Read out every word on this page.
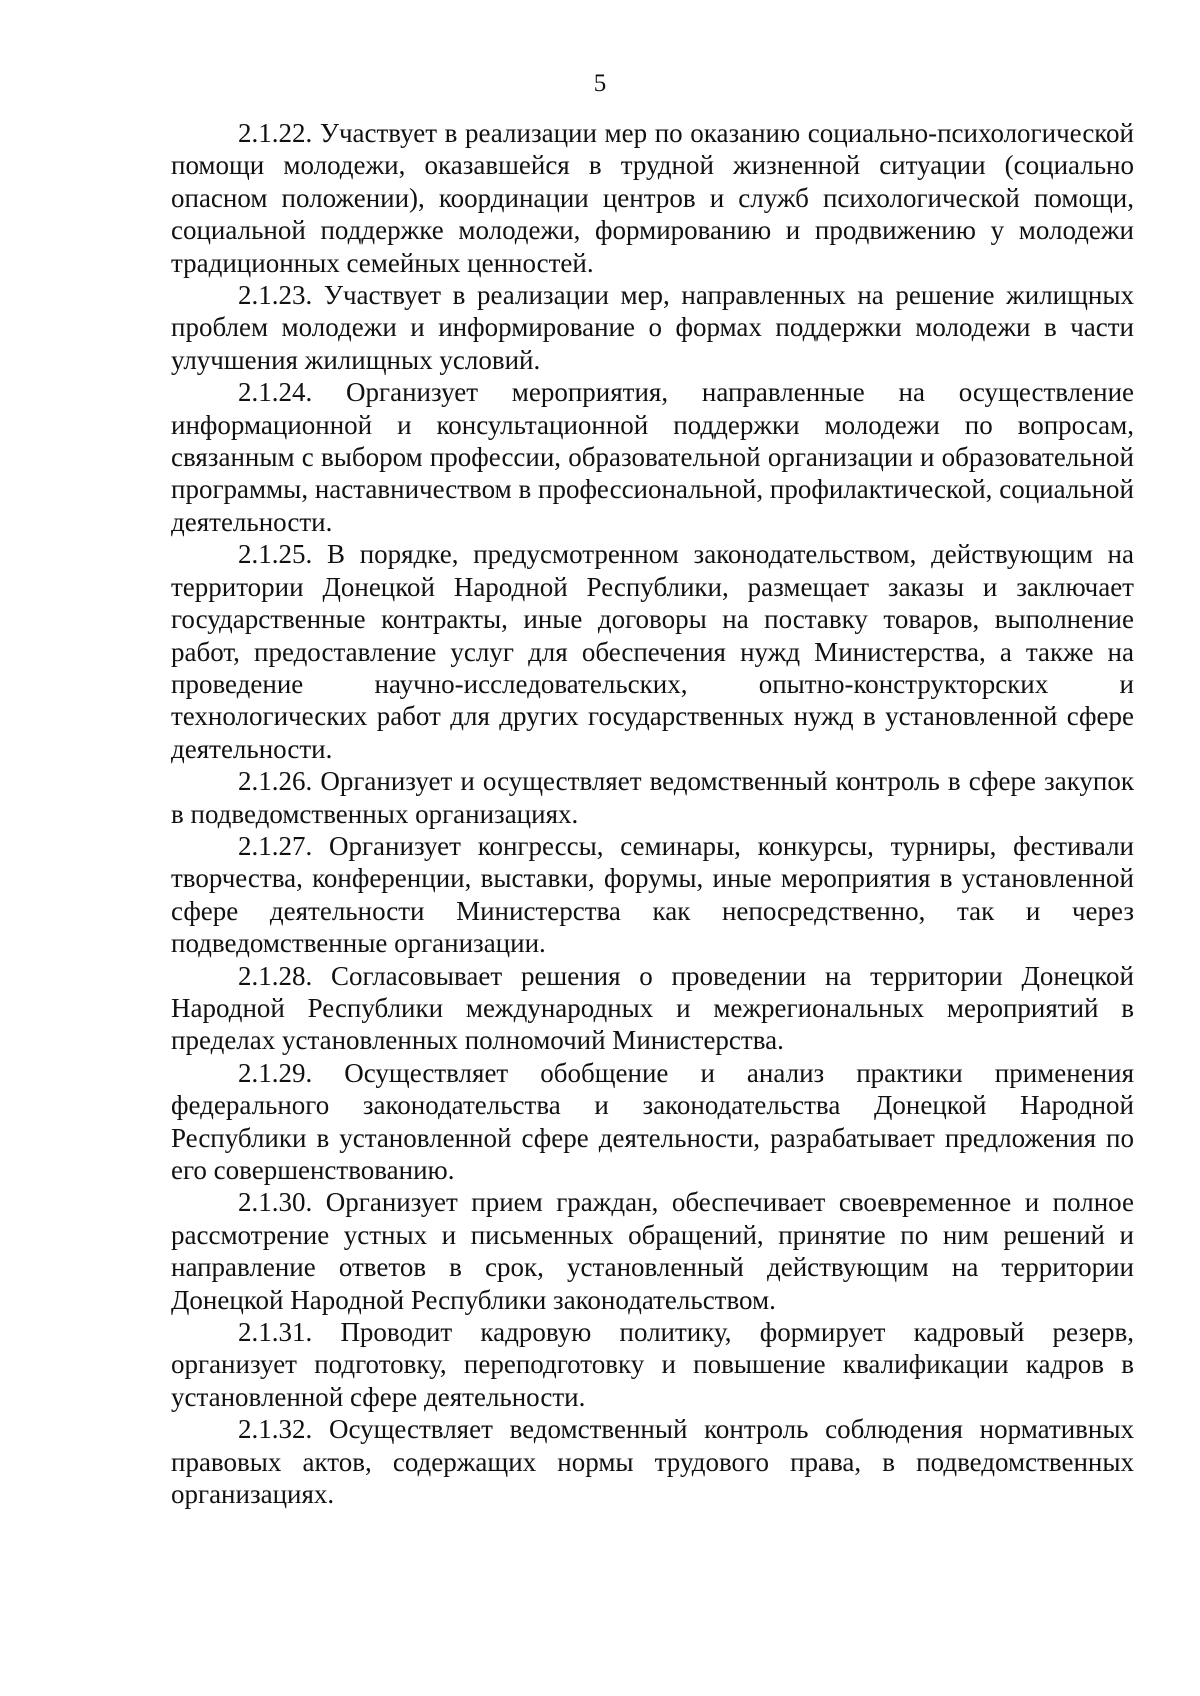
5

2.1.22. Участвует в реализации мер по оказанию социально-психологической помощи молодежи, оказавшейся в трудной жизненной ситуации (социально опасном положении), координации центров и служб психологической помощи, социальной поддержке молодежи, формированию и продвижению у молодежи традиционных семейных ценностей.

2.1.23. Участвует в реализации мер, направленных на решение жилищных проблем молодежи и информирование о формах поддержки молодежи в части улучшения жилищных условий.

2.1.24. Организует мероприятия, направленные на осуществление информационной и консультационной поддержки молодежи по вопросам, связанным с выбором профессии, образовательной организации и образовательной программы, наставничеством в профессиональной, профилактической, социальной деятельности.

2.1.25. В порядке, предусмотренном законодательством, действующим на территории Донецкой Народной Республики, размещает заказы и заключает государственные контракты, иные договоры на поставку товаров, выполнение работ, предоставление услуг для обеспечения нужд Министерства, а также на проведение научно-исследовательских, опытно-конструкторских и технологических работ для других государственных нужд в установленной сфере деятельности.

2.1.26. Организует и осуществляет ведомственный контроль в сфере закупок в подведомственных организациях.

2.1.27. Организует конгрессы, семинары, конкурсы, турниры, фестивали творчества, конференции, выставки, форумы, иные мероприятия в установленной сфере деятельности Министерства как непосредственно, так и через подведомственные организации.

2.1.28. Согласовывает решения о проведении на территории Донецкой Народной Республики международных и межрегиональных мероприятий в пределах установленных полномочий Министерства.

2.1.29. Осуществляет обобщение и анализ практики применения федерального законодательства и законодательства Донецкой Народной Республики в установленной сфере деятельности, разрабатывает предложения по его совершенствованию.

2.1.30. Организует прием граждан, обеспечивает своевременное и полное рассмотрение устных и письменных обращений, принятие по ним решений и направление ответов в срок, установленный действующим на территории Донецкой Народной Республики законодательством.

2.1.31. Проводит кадровую политику, формирует кадровый резерв, организует подготовку, переподготовку и повышение квалификации кадров в установленной сфере деятельности.

2.1.32. Осуществляет ведомственный контроль соблюдения нормативных правовых актов, содержащих нормы трудового права, в подведомственных организациях.
